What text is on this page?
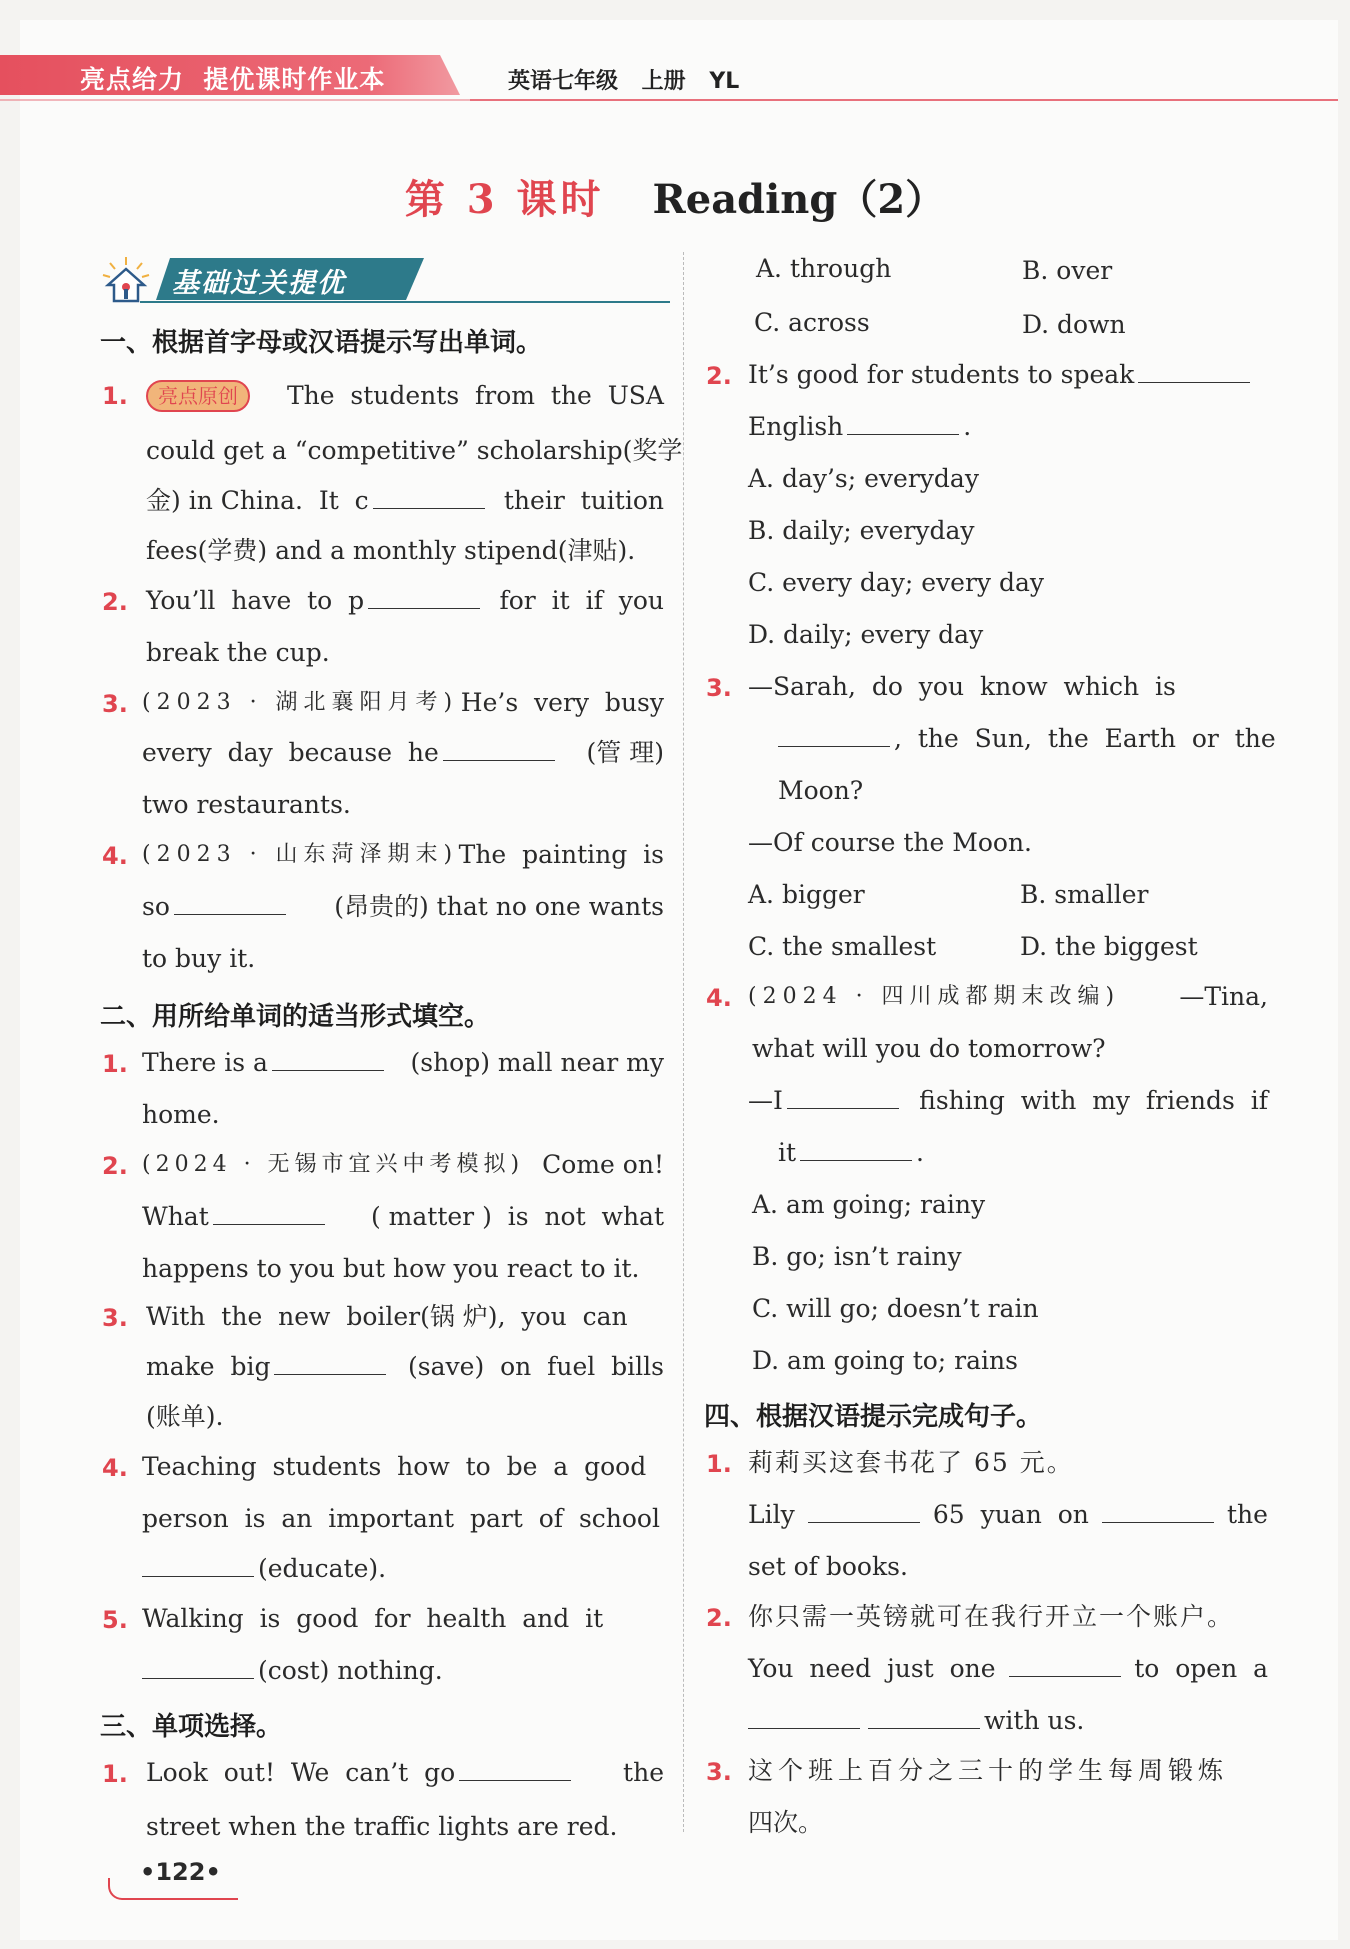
亮点给力  提优课时作业本	英语七年级 上册 YL
第 3 课时 Reading（2）
基础过关提优
一、根据首字母或汉语提示写出单词。
1.	亮点原创	The  students  from  the  USA
could get a “competitive” scholarship(奖学
金) in China.  It  c	their  tuition
fees(学费) and a monthly stipend(津贴).
2. You’ll  have  to  p	for  it  if  you
break the cup.
3. (2023 · 湖北襄阳月考) He’s  very  busy
every  day  because  he	(管 理)
two restaurants.
4. (2023 · 山东菏泽期末) The  painting  is
so	(昂贵的) that no one wants
to buy it.
二、用所给单词的适当形式填空。
1. There is a	(shop) mall near my
home.
2. (2024 · 无锡市宜兴中考模拟) Come on!
What	( matter )  is  not  what
happens to you but how you react to it.
3. With  the  new  boiler(锅 炉),  you  can
make  big	(save)  on  fuel  bills
(账单).
4. Teaching  students  how  to  be  a  good
person  is  an  important  part  of  school
(educate).
5. Walking  is  good  for  health  and  it
(cost) nothing.
三、单项选择。
1. Look  out!  We  can’t  go	the
street when the traffic lights are red.
•122•
A. through	B. over
C. across	D. down
2. It’s good for students to speak
English	.
A. day’s; everyday
B. daily; everyday
C. every day; every day
D. daily; every day
3. —Sarah,  do  you  know  which  is
,  the  Sun,  the  Earth  or  the
Moon?
—Of course the Moon.
A. bigger	B. smaller
C. the smallest	D. the biggest
4. (2024 · 四川成都期末改编) —Tina,
what will you do tomorrow?
—I	fishing  with  my  friends  if
it	.
A. am going; rainy
B. go; isn’t rainy
C. will go; doesn’t rain
D. am going to; rains
四、根据汉语提示完成句子。
1. 莉莉买这套书花了 65 元。
Lily	65  yuan  on	the
set of books.
2. 你只需一英镑就可在我行开立一个账户。
You  need  just  one	to  open  a
with us.
3. 这个班上百分之三十的学生每周锻炼
四次。
